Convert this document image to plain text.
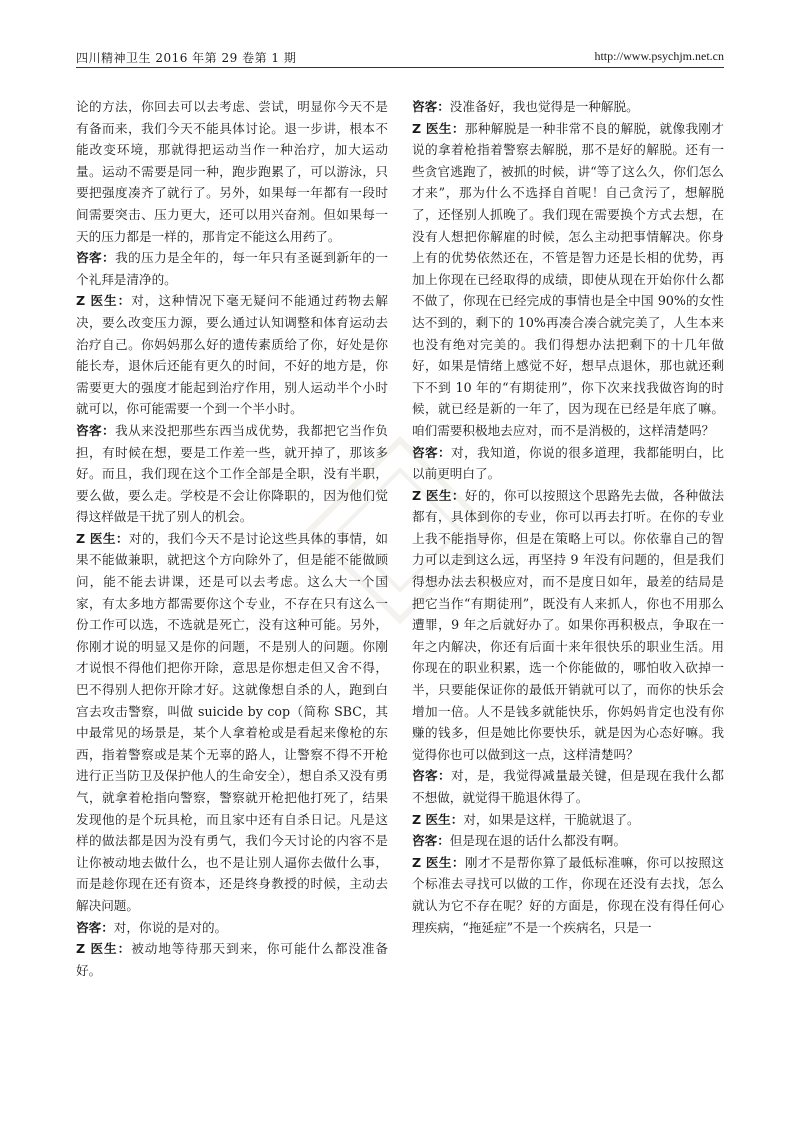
四川精神卫生 2016 年第 29 卷第 1 期	http://www.psychjm.net.cn

论的方法，你回去可以去考虑、尝试，明显你今天不是有备而来，我们今天不能具体讨论。退一步讲，根本不能改变环境，那就得把运动当作一种治疗，加大运动量。运动不需要是同一种，跑步跑累了，可以游泳，只要把强度凑齐了就行了。另外，如果每一年都有一段时间需要突击、压力更大，还可以用兴奋剂。但如果每一天的压力都是一样的，那肯定不能这么用药了。

咨客：我的压力是全年的，每一年只有圣诞到新年的一个礼拜是清净的。

Z 医生：对，这种情况下毫无疑问不能通过药物去解决，要么改变压力源，要么通过认知调整和体育运动去治疗自己。你妈妈那么好的遗传素质给了你，好处是你能长寿，退休后还能有更久的时间，不好的地方是，你需要更大的强度才能起到治疗作用，别人运动半个小时就可以，你可能需要一个到一个半小时。

咨客：我从来没把那些东西当成优势，我都把它当作负担，有时候在想，要是工作差一些，就开掉了，那该多好。而且，我们现在这个工作全部是全职，没有半职，要么做，要么走。学校是不会让你降职的，因为他们觉得这样做是干扰了别人的机会。

Z 医生：对的，我们今天不是讨论这些具体的事情，如果不能做兼职，就把这个方向除外了，但是能不能做顾问，能不能去讲课，还是可以去考虑。这么大一个国家，有太多地方都需要你这个专业，不存在只有这么一份工作可以选，不选就是死亡，没有这种可能。另外，你刚才说的明显又是你的问题，不是别人的问题。你刚才说恨不得他们把你开除，意思是你想走但又舍不得，巴不得别人把你开除才好。这就像想自杀的人，跑到白宫去攻击警察，叫做 suicide by cop（简称 SBC，其中最常见的场景是，某个人拿着枪或是看起来像枪的东西，指着警察或是某个无辜的路人，让警察不得不开枪进行正当防卫及保护他人的生命安全），想自杀又没有勇气，就拿着枪指向警察，警察就开枪把他打死了，结果发现他的是个玩具枪，而且家中还有自杀日记。凡是这样的做法都是因为没有勇气，我们今天讨论的内容不是让你被动地去做什么，也不是让别人逼你去做什么事，而是趁你现在还有资本，还是终身教授的时候，主动去解决问题。

咨客：对，你说的是对的。

Z 医生：被动地等待那天到来，你可能什么都没准备好。

咨客：没准备好，我也觉得是一种解脱。

Z 医生：那种解脱是一种非常不良的解脱，就像我刚才说的拿着枪指着警察去解脱，那不是好的解脱。还有一些贪官逃跑了，被抓的时候，讲“等了这么久，你们怎么才来”，那为什么不选择自首呢！自己贪污了，想解脱了，还怪别人抓晚了。我们现在需要换个方式去想，在没有人想把你解雇的时候，怎么主动把事情解决。你身上有的优势依然还在，不管是智力还是长相的优势，再加上你现在已经取得的成绩，即使从现在开始你什么都不做了，你现在已经完成的事情也是全中国 90%的女性达不到的，剩下的 10%再凑合凑合就完美了，人生本来也没有绝对完美的。我们得想办法把剩下的十几年做好，如果是情绪上感觉不好，想早点退休，那也就还剩下不到 10 年的“有期徒刑”，你下次来找我做咨询的时候，就已经是新的一年了，因为现在已经是年底了嘛。咱们需要积极地去应对，而不是消极的，这样清楚吗？

咨客：对，我知道，你说的很多道理，我都能明白，比以前更明白了。

Z 医生：好的，你可以按照这个思路先去做，各种做法都有，具体到你的专业，你可以再去打听。在你的专业上我不能指导你，但是在策略上可以。你依靠自己的智力可以走到这么远，再坚持 9 年没有问题的，但是我们得想办法去积极应对，而不是度日如年，最差的结局是把它当作“有期徒刑”，既没有人来抓人，你也不用那么遭罪，9 年之后就好办了。如果你再积极点，争取在一年之内解决，你还有后面十来年很快乐的职业生活。用你现在的职业积累，选一个你能做的，哪怕收入砍掉一半，只要能保证你的最低开销就可以了，而你的快乐会增加一倍。人不是钱多就能快乐，你妈妈肯定也没有你赚的钱多，但是她比你要快乐，就是因为心态好嘛。我觉得你也可以做到这一点，这样清楚吗？

咨客：对，是，我觉得减量最关键，但是现在我什么都不想做，就觉得干脆退休得了。

Z 医生：对，如果是这样，干脆就退了。

咨客：但是现在退的话什么都没有啊。

Z 医生：刚才不是帮你算了最低标准嘛，你可以按照这个标准去寻找可以做的工作，你现在还没有去找，怎么就认为它不存在呢？好的方面是，你现在没有得任何心理疾病，“拖延症”不是一个疾病名，只是一
